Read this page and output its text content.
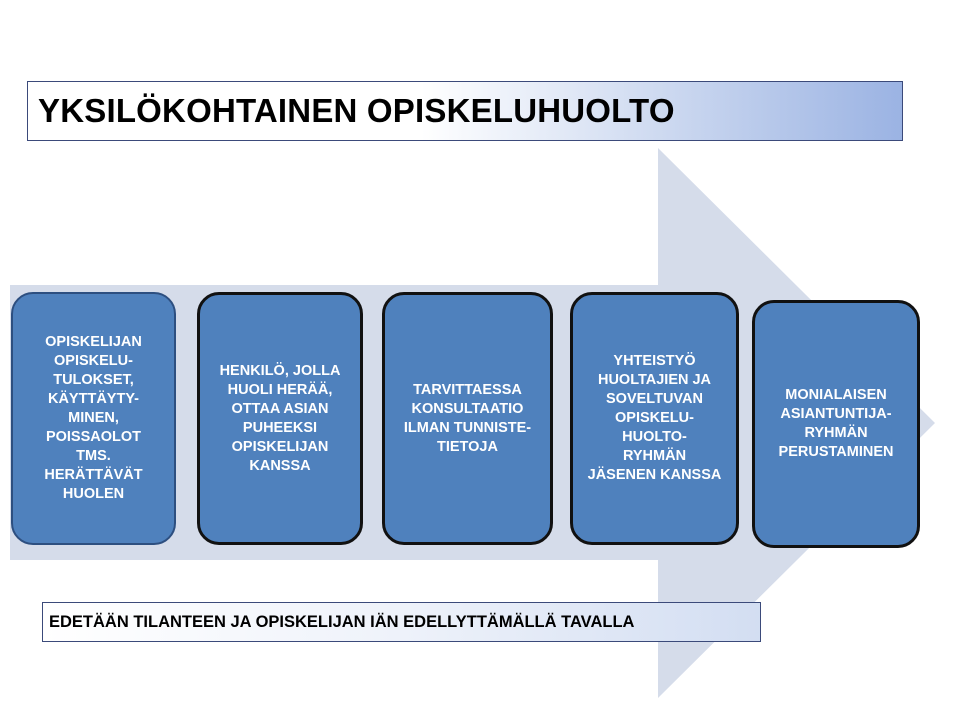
YKSILÖKOHTAINEN OPISKELUHUOLTO
OPISKELIJAN
OPISKELU-
TULOKSET,
KÄYTTÄYTY-
MINEN,
POISSAOLOT
TMS.
HERÄTTÄVÄT
HUOLEN
HENKILÖ, JOLLA
HUOLI HERÄÄ,
OTTAA ASIAN
PUHEEKSI
OPISKELIJAN
KANSSA
TARVITTAESSA
KONSULTAATIO
ILMAN TUNNISTE-
TIETOJA
YHTEISTYÖ
HUOLTAJIEN JA
SOVELTUVAN
OPISKELU-
HUOLTO-
RYHMÄN
JÄSENEN KANSSA
MONIALAISEN
ASIANTUNTIJA-
RYHMÄN
PERUSTAMINEN
EDETÄÄN TILANTEEN JA OPISKELIJAN IÄN EDELLYTTÄMÄLLÄ TAVALLA
